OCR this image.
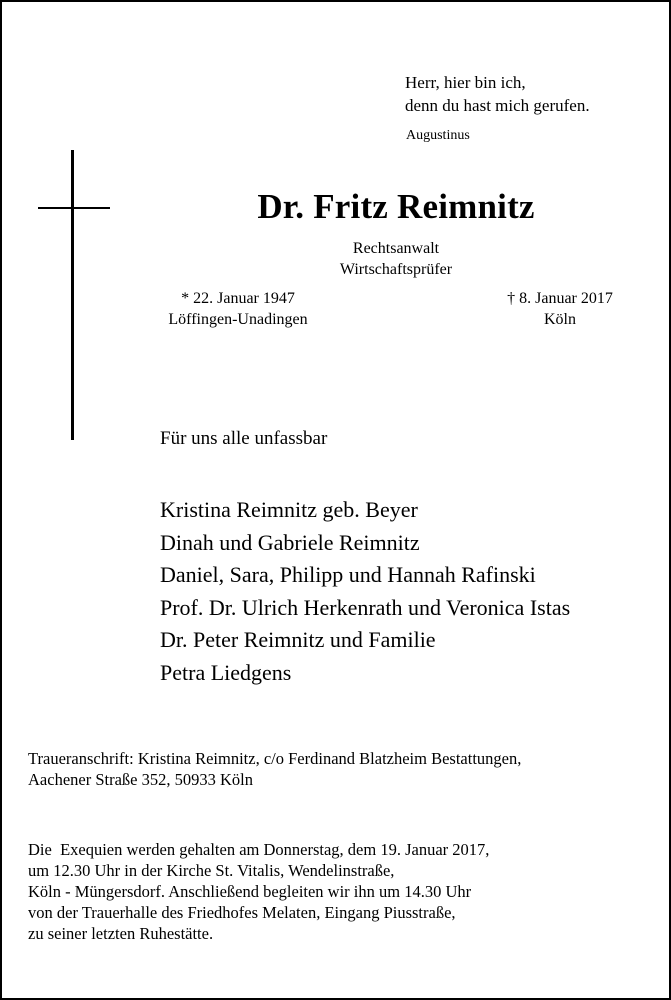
Herr, hier bin ich,
denn du hast mich gerufen.
Augustinus
Dr. Fritz Reimnitz
Rechtsanwalt
Wirtschaftsprüfer
* 22. Januar 1947
Löffingen-Unadingen
† 8. Januar 2017
Köln
Für uns alle unfassbar
Kristina Reimnitz geb. Beyer
Dinah und Gabriele Reimnitz
Daniel, Sara, Philipp und Hannah Rafinski
Prof. Dr. Ulrich Herkenrath und Veronica Istas
Dr. Peter Reimnitz und Familie
Petra Liedgens
Traueranschrift: Kristina Reimnitz, c/o Ferdinand Blatzheim Bestattungen,
Aachener Straße 352, 50933 Köln
Die  Exequien werden gehalten am Donnerstag, dem 19. Januar 2017,
um 12.30 Uhr in der Kirche St. Vitalis, Wendelinstraße,
Köln - Müngersdorf. Anschließend begleiten wir ihn um 14.30 Uhr
von der Trauerhalle des Friedhofes Melaten, Eingang Piusstraße,
zu seiner letzten Ruhestätte.
